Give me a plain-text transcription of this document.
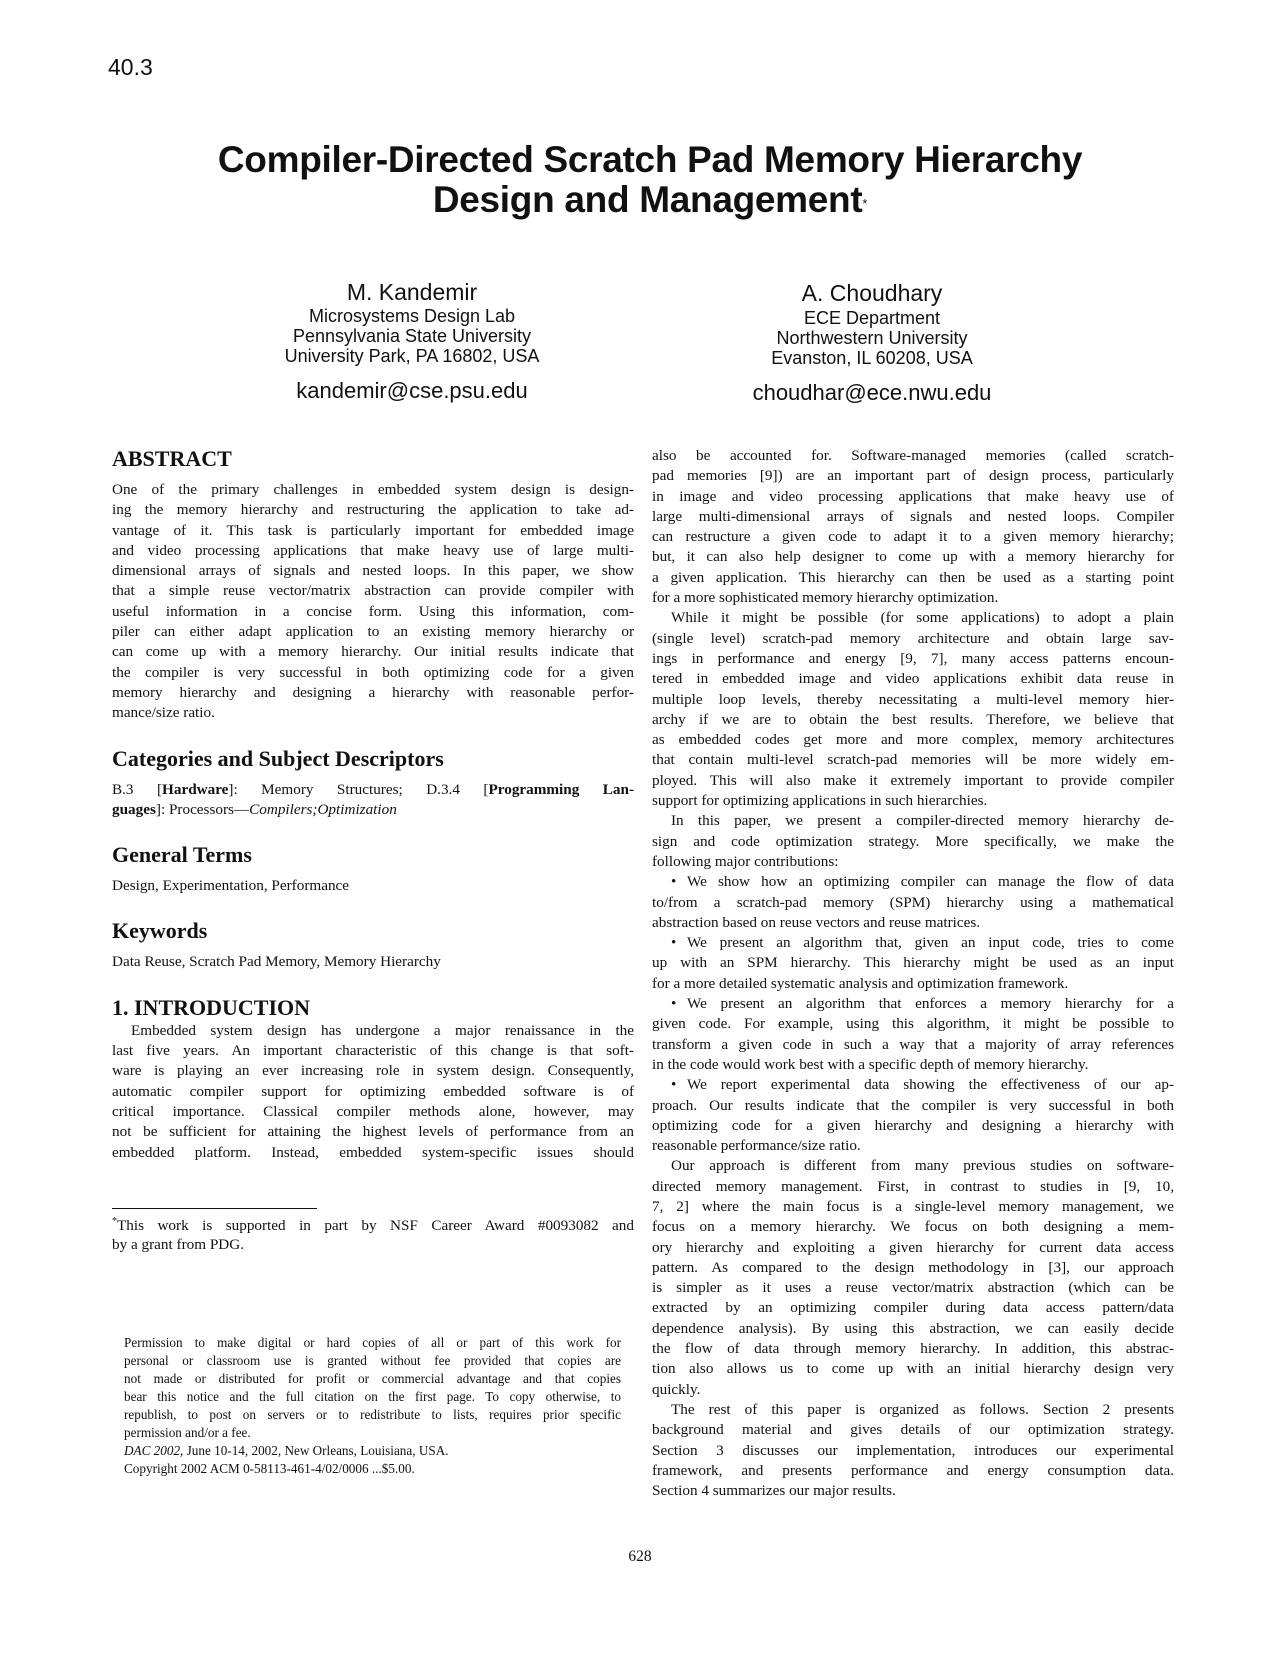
40.3
Compiler-Directed Scratch Pad Memory Hierarchy
Design and Management*
M. Kandemir
Microsystems Design Lab
Pennsylvania State University
University Park, PA 16802, USA
kandemir@cse.psu.edu
A. Choudhary
ECE Department
Northwestern University
Evanston, IL 60208, USA
choudhar@ece.nwu.edu
ABSTRACT
One of the primary challenges in embedded system design is design-
ing the memory hierarchy and restructuring the application to take ad-
vantage of it. This task is particularly important for embedded image
and video processing applications that make heavy use of large multi-
dimensional arrays of signals and nested loops. In this paper, we show
that a simple reuse vector/matrix abstraction can provide compiler with
useful information in a concise form. Using this information, com-
piler can either adapt application to an existing memory hierarchy or
can come up with a memory hierarchy. Our initial results indicate that
the compiler is very successful in both optimizing code for a given
memory hierarchy and designing a hierarchy with reasonable perfor-
mance/size ratio.
Categories and Subject Descriptors
B.3 [Hardware]: Memory Structures; D.3.4 [Programming Lan-
guages]: Processors—Compilers;Optimization
General Terms
Design, Experimentation, Performance
Keywords
Data Reuse, Scratch Pad Memory, Memory Hierarchy
1. INTRODUCTION
Embedded system design has undergone a major renaissance in the
last five years. An important characteristic of this change is that soft-
ware is playing an ever increasing role in system design. Consequently,
automatic compiler support for optimizing embedded software is of
critical importance. Classical compiler methods alone, however, may
not be sufficient for attaining the highest levels of performance from an
embedded platform. Instead, embedded system-specific issues should
*This work is supported in part by NSF Career Award #0093082 and
by a grant from PDG.
Permission to make digital or hard copies of all or part of this work for
personal or classroom use is granted without fee provided that copies are
not made or distributed for profit or commercial advantage and that copies
bear this notice and the full citation on the first page. To copy otherwise, to
republish, to post on servers or to redistribute to lists, requires prior specific
permission and/or a fee.
DAC 2002, June 10-14, 2002, New Orleans, Louisiana, USA.
Copyright 2002 ACM 0-58113-461-4/02/0006 ...$5.00.
also be accounted for. Software-managed memories (called scratch-
pad memories [9]) are an important part of design process, particularly
in image and video processing applications that make heavy use of
large multi-dimensional arrays of signals and nested loops. Compiler
can restructure a given code to adapt it to a given memory hierarchy;
but, it can also help designer to come up with a memory hierarchy for
a given application. This hierarchy can then be used as a starting point
for a more sophisticated memory hierarchy optimization.
While it might be possible (for some applications) to adopt a plain
(single level) scratch-pad memory architecture and obtain large sav-
ings in performance and energy [9, 7], many access patterns encoun-
tered in embedded image and video applications exhibit data reuse in
multiple loop levels, thereby necessitating a multi-level memory hier-
archy if we are to obtain the best results. Therefore, we believe that
as embedded codes get more and more complex, memory architectures
that contain multi-level scratch-pad memories will be more widely em-
ployed. This will also make it extremely important to provide compiler
support for optimizing applications in such hierarchies.
In this paper, we present a compiler-directed memory hierarchy de-
sign and code optimization strategy. More specifically, we make the
following major contributions:
• We show how an optimizing compiler can manage the flow of data
to/from a scratch-pad memory (SPM) hierarchy using a mathematical
abstraction based on reuse vectors and reuse matrices.
• We present an algorithm that, given an input code, tries to come
up with an SPM hierarchy. This hierarchy might be used as an input
for a more detailed systematic analysis and optimization framework.
• We present an algorithm that enforces a memory hierarchy for a
given code. For example, using this algorithm, it might be possible to
transform a given code in such a way that a majority of array references
in the code would work best with a specific depth of memory hierarchy.
• We report experimental data showing the effectiveness of our ap-
proach. Our results indicate that the compiler is very successful in both
optimizing code for a given hierarchy and designing a hierarchy with
reasonable performance/size ratio.
Our approach is different from many previous studies on software-
directed memory management. First, in contrast to studies in [9, 10,
7, 2] where the main focus is a single-level memory management, we
focus on a memory hierarchy. We focus on both designing a mem-
ory hierarchy and exploiting a given hierarchy for current data access
pattern. As compared to the design methodology in [3], our approach
is simpler as it uses a reuse vector/matrix abstraction (which can be
extracted by an optimizing compiler during data access pattern/data
dependence analysis). By using this abstraction, we can easily decide
the flow of data through memory hierarchy. In addition, this abstrac-
tion also allows us to come up with an initial hierarchy design very
quickly.
The rest of this paper is organized as follows. Section 2 presents
background material and gives details of our optimization strategy.
Section 3 discusses our implementation, introduces our experimental
framework, and presents performance and energy consumption data.
Section 4 summarizes our major results.
628
